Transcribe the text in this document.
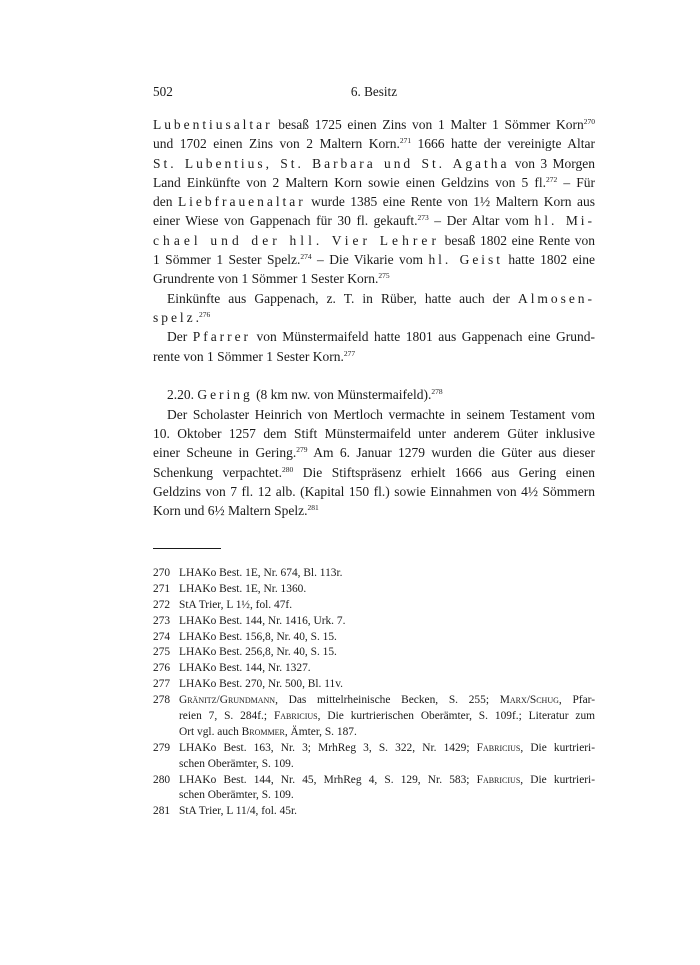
502	6. Besitz
Lubentiusaltar besaß 1725 einen Zins von 1 Malter 1 Sömmer Korn$^{270}$
und 1702 einen Zins von 2 Maltern Korn.$^{271}$ 1666 hatte der vereinigte Altar
St. Lubentius, St. Barbara und St. Agatha von 3 Morgen
Land Einkünfte von 2 Maltern Korn sowie einen Geldzins von 5 fl.$^{272}$ – Für
den Liebfrauenaltar wurde 1385 eine Rente von 1½ Maltern Korn aus
einer Wiese von Gappenach für 30 fl. gekauft.$^{273}$ – Der Altar vom hl. Mi-
chael und der hll. Vier Lehrer besaß 1802 eine Rente von
1 Sömmer 1 Sester Spelz.$^{274}$ – Die Vikarie vom hl. Geist hatte 1802 eine
Grundrente von 1 Sömmer 1 Sester Korn.$^{275}$
Einkünfte aus Gappenach, z. T. in Rüber, hatte auch der Almosen-
spelz.$^{276}$
Der Pfarrer von Münstermaifeld hatte 1801 aus Gappenach eine Grund-
rente von 1 Sömmer 1 Sester Korn.$^{277}$
2.20. Gering (8 km nw. von Münstermaifeld).$^{278}$
Der Scholaster Heinrich von Mertloch vermachte in seinem Testament vom
10. Oktober 1257 dem Stift Münstermaifeld unter anderem Güter inklusive
einer Scheune in Gering.$^{279}$ Am 6. Januar 1279 wurden die Güter aus dieser
Schenkung verpachtet.$^{280}$ Die Stiftspräsenz erhielt 1666 aus Gering einen
Geldzins von 7 fl. 12 alb. (Kapital 150 fl.) sowie Einnahmen von 4½ Sömmern
Korn und 6½ Maltern Spelz.$^{281}$
270 LHAKo Best. 1E, Nr. 674, Bl. 113r.
271 LHAKo Best. 1E, Nr. 1360.
272 StA Trier, L 1½, fol. 47f.
273 LHAKo Best. 144, Nr. 1416, Urk. 7.
274 LHAKo Best. 156,8, Nr. 40, S. 15.
275 LHAKo Best. 256,8, Nr. 40, S. 15.
276 LHAKo Best. 144, Nr. 1327.
277 LHAKo Best. 270, Nr. 500, Bl. 11v.
278 Gränitz/Grundmann, Das mittelrheinische Becken, S. 255; Marx/Schug, Pfar-
reien 7, S. 284f.; Fabricius, Die kurtrierischen Oberämter, S. 109f.; Literatur zum
Ort vgl. auch Brommer, Ämter, S. 187.
279 LHAKo Best. 163, Nr. 3; MrhReg 3, S. 322, Nr. 1429; Fabricius, Die kurtrieri-
schen Oberämter, S. 109.
280 LHAKo Best. 144, Nr. 45, MrhReg 4, S. 129, Nr. 583; Fabricius, Die kurtrieri-
schen Oberämter, S. 109.
281 StA Trier, L 11/4, fol. 45r.
